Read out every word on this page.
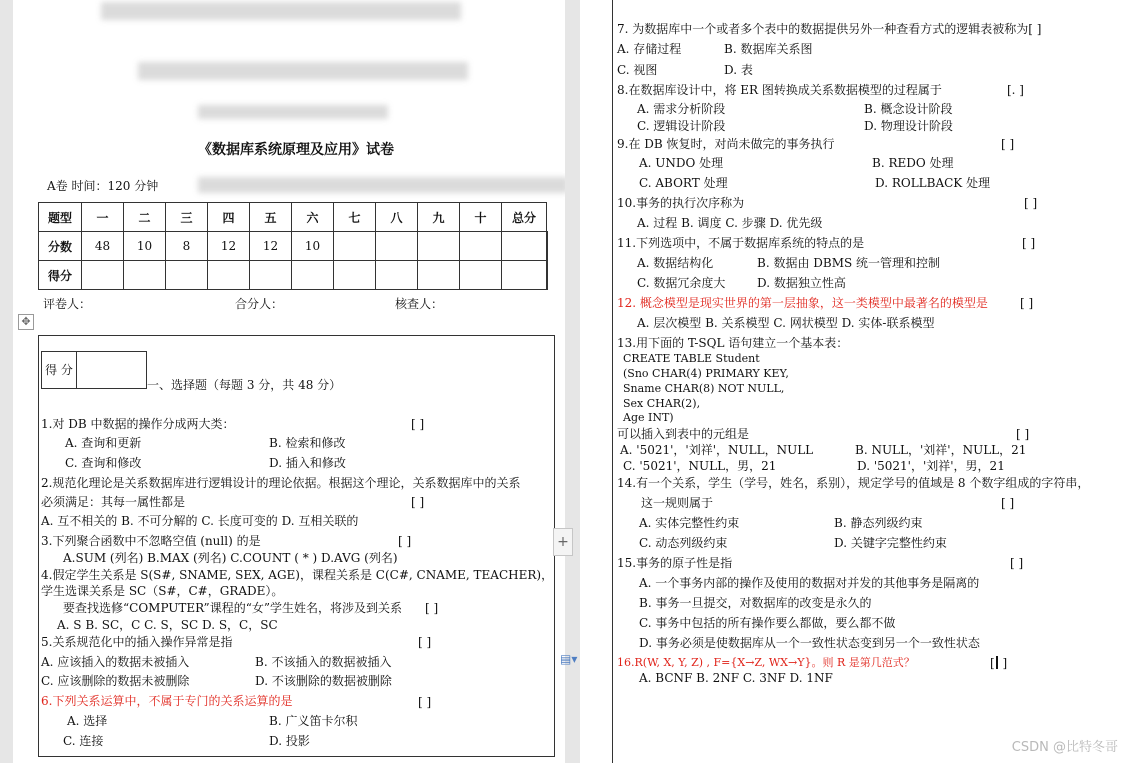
《数据库系统原理及应用》试卷
A卷 时间：120 分钟
题型	一	二	三	四	五	六	七	八	九	十	总分	
分数	48	10	8	12	12	10						
得分												
评卷人：	合分人：	核查人：
✥
得 分
一、选择题（每题 3 分，共 48 分）
1.对 DB 中数据的操作分成两大类：	[ ]
A. 查询和更新	B. 检索和修改
C. 查询和修改	D. 插入和修改
2.规范化理论是关系数据库进行逻辑设计的理论依据。根据这个理论，关系数据库中的关系
必须满足：其每一属性都是	[ ]
A. 互不相关的 B. 不可分解的 C. 长度可变的 D. 互相关联的
3.下列聚合函数中不忽略空值 (null) 的是	[ ]
A.SUM (列名) B.MAX (列名) C.COUNT ( * ) D.AVG (列名)
4.假定学生关系是 S(S#, SNAME, SEX, AGE)，课程关系是 C(C#, CNAME, TEACHER)，
学生选课关系是 SC（S#，C#，GRADE）。
要查找选修“COMPUTER”课程的“女”学生姓名，将涉及到关系 [ ]
A. S B. SC，C C. S，SC D. S，C，SC
5.关系规范化中的插入操作异常是指	[ ]
A. 应该插入的数据未被插入	B. 不该插入的数据被插入
C. 应该删除的数据未被删除	D. 不该删除的数据被删除
6.下列关系运算中，不属于专门的关系运算的是	[ ]
A. 选择	B. 广义笛卡尔积
C. 连接	D. 投影
+
▤▾
7. 为数据库中一个或者多个表中的数据提供另外一种查看方式的逻辑表被称为[ ]
A. 存储过程	B. 数据库关系图
C. 视图	D. 表
8.在数据库设计中，将 ER 图转换成关系数据模型的过程属于	[. ]
A. 需求分析阶段	B. 概念设计阶段
C. 逻辑设计阶段	D. 物理设计阶段
9.在 DB 恢复时，对尚未做完的事务执行	[ ]
A. UNDO 处理	B. REDO 处理
C. ABORT 处理	D. ROLLBACK 处理
10.事务的执行次序称为	[ ]
A. 过程 B. 调度 C. 步骤 D. 优先级
11.下列选项中，不属于数据库系统的特点的是	[ ]
A. 数据结构化	B. 数据由 DBMS 统一管理和控制
C. 数据冗余度大	D. 数据独立性高
12. 概念模型是现实世界的第一层抽象，这一类模型中最著名的模型是	[ ]
A. 层次模型 B. 关系模型 C. 网状模型 D. 实体-联系模型
13.用下面的 T-SQL 语句建立一个基本表：
CREATE TABLE Student
(Sno CHAR(4) PRIMARY KEY,
Sname CHAR(8) NOT NULL,
Sex CHAR(2),
Age INT)
可以插入到表中的元组是	[ ]
A. '5021'，'刘祥'，NULL，NULL	B. NULL，'刘祥'，NULL，21
C. '5021'，NULL，男，21	D. '5021'，'刘祥'，男，21
14.有一个关系，学生（学号，姓名，系别），规定学号的值域是 8 个数字组成的字符串，
这一规则属于	[ ]
A. 实体完整性约束	B. 静态列级约束
C. 动态列级约束	D. 关键字完整性约束
15.事务的原子性是指	[ ]
A. 一个事务内部的操作及使用的数据对并发的其他事务是隔离的
B. 事务一旦提交，对数据库的改变是永久的
C. 事务中包括的所有操作要么都做，要么都不做
D. 事务必须是使数据库从一个一致性状态变到另一个一致性状态
16.R(W, X, Y, Z) , F={X→Z, WX→Y}。则 R 是第几范式？	[ ]
A. BCNF B. 2NF C. 3NF D. 1NF
CSDN @比特冬哥
